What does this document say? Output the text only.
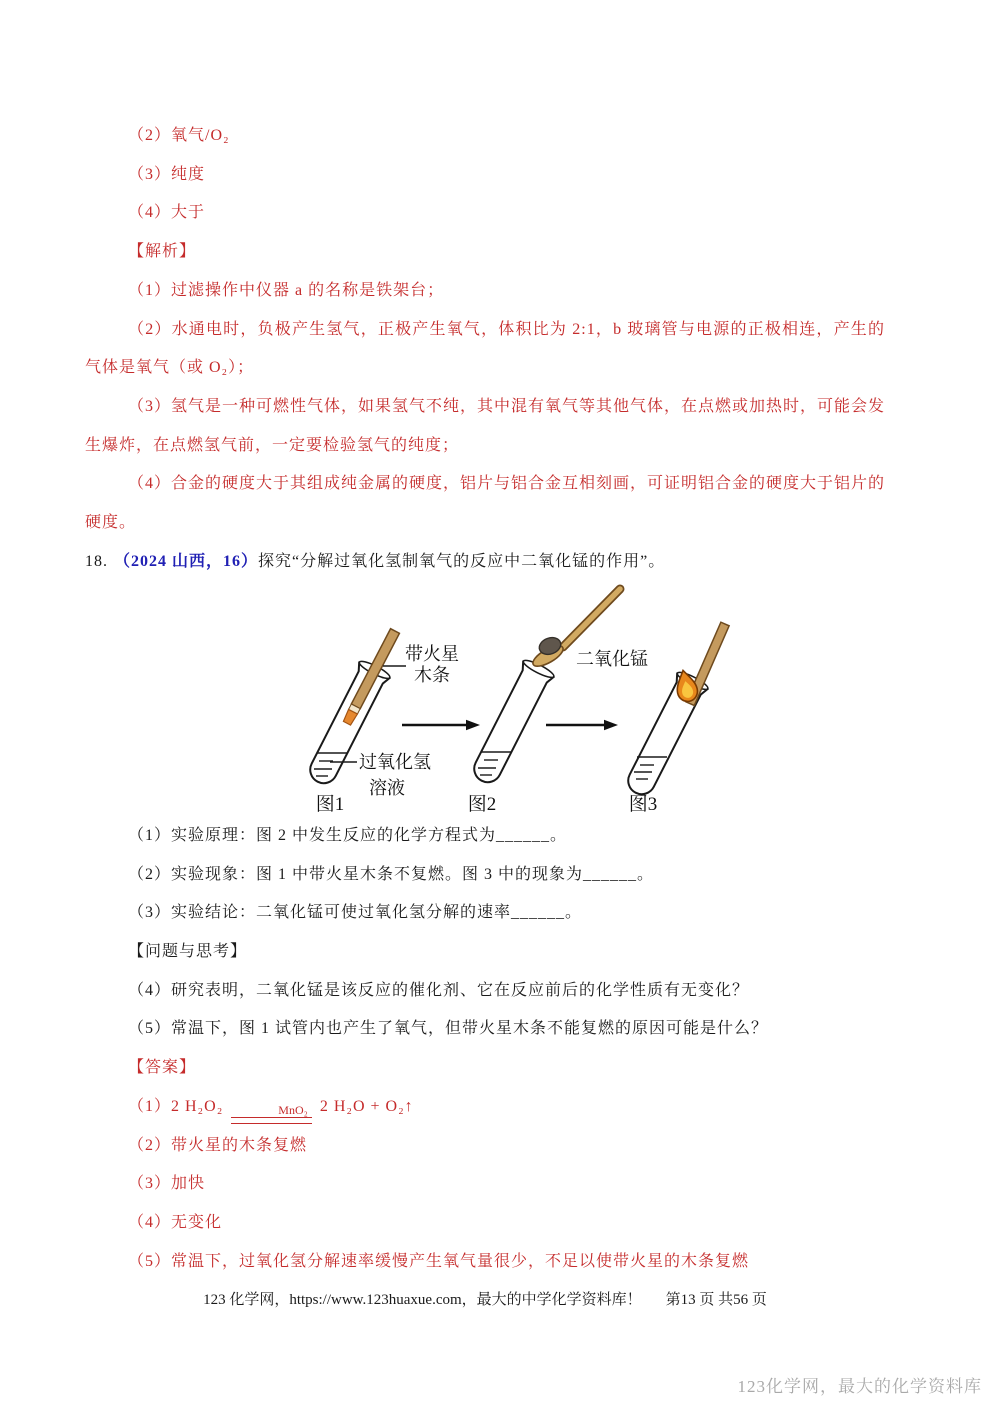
（2）氧气/O₂

（3）纯度

（4）大于

【解析】

（1）过滤操作中仪器 a 的名称是铁架台；

（2）水通电时，负极产生氢气，正极产生氧气，体积比为 2:1，b 玻璃管与电源的正极相连，产生的气体是氧气（或 O₂）；

（3）氢气是一种可燃性气体，如果氢气不纯，其中混有氧气等其他气体，在点燃或加热时，可能会发生爆炸，在点燃氢气前，一定要检验氢气的纯度；

（4）合金的硬度大于其组成纯金属的硬度，铝片与铝合金互相刻画，可证明铝合金的硬度大于铝片的硬度。

18. （2024 山西，16）探究“分解过氧化氢制氧气的反应中二氧化锰的作用”。

带火星
木条
过氧化氢
溶液
二氧化锰
图1	图2	图3

（1）实验原理：图 2 中发生反应的化学方程式为______。

（2）实验现象：图 1 中带火星木条不复燃。图 3 中的现象为______。

（3）实验结论：二氧化锰可使过氧化氢分解的速率______。

【问题与思考】

（4）研究表明，二氧化锰是该反应的催化剂、它在反应前后的化学性质有无变化？

（5）常温下，图 1 试管内也产生了氧气，但带火星木条不能复燃的原因可能是什么？

【答案】

（1）2 H₂O₂	MnO₂ 2 H₂O + O₂↑

（2）带火星的木条复燃

（3）加快

（4）无变化

（5）常温下，过氧化氢分解速率缓慢产生氧气量很少，不足以使带火星的木条复燃

123 化学网，https://www.123huaxue.com，最大的中学化学资料库！ 第13 页 共56 页

123化学网，最大的化学资料库
